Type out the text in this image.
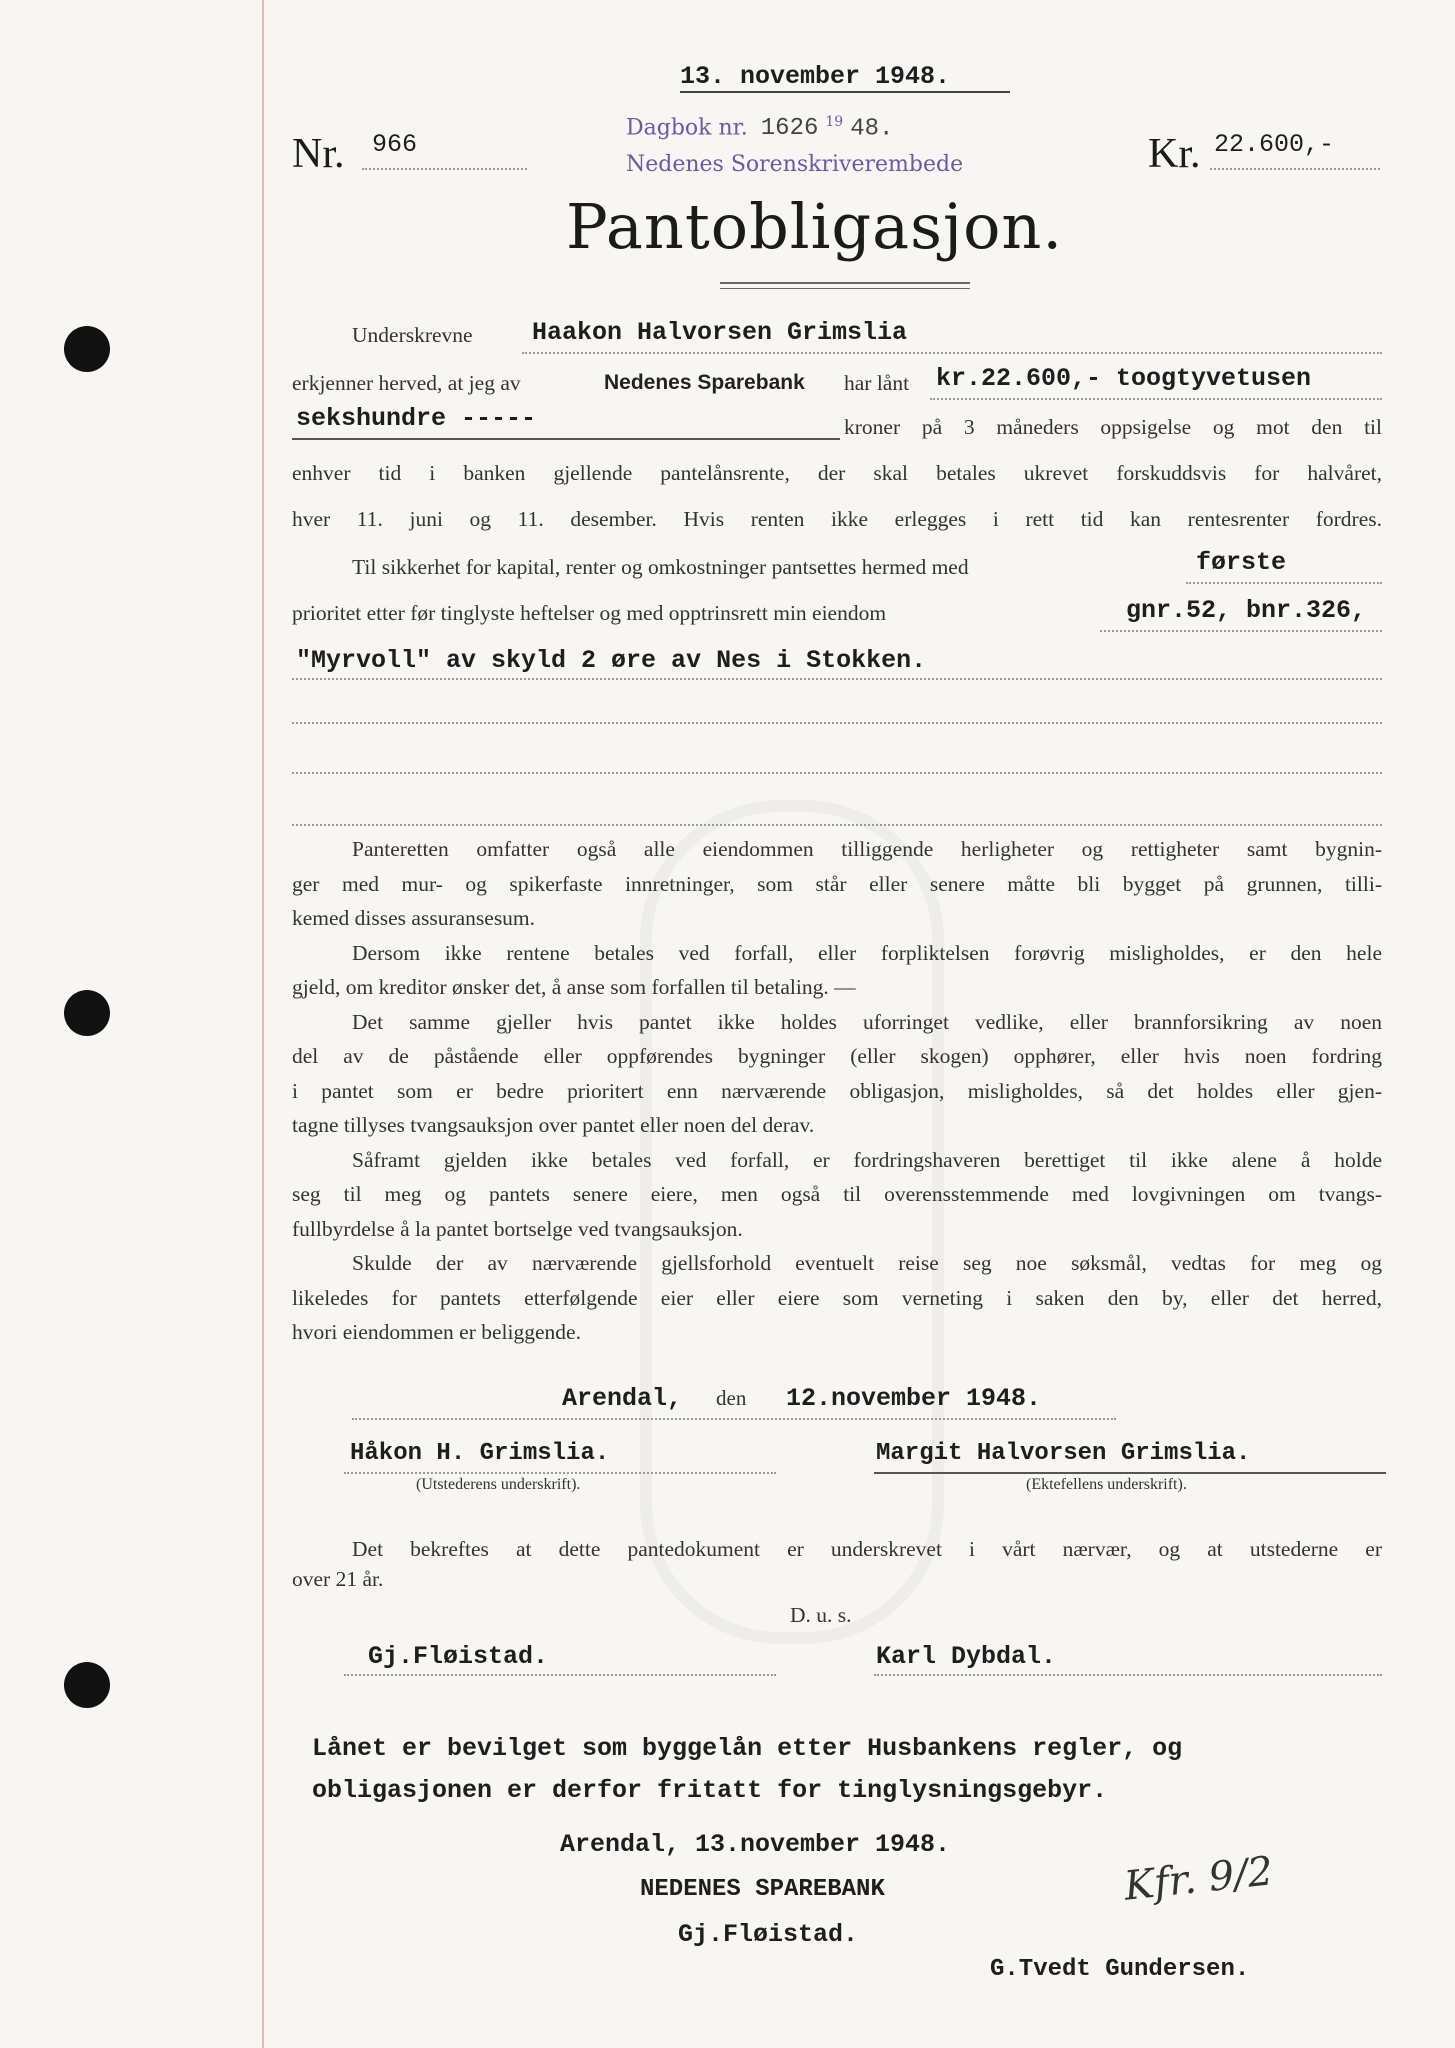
13. november 1948.
Nr. 966
Dagbok nr. 1626 $^{19}$ 48.
Nedenes Sorenskriverembede	Kr. 22.600,-
Pantobligasjon.
Underskrevne Haakon Halvorsen Grimslia
erkjenner herved, at jeg av	Nedenes Sparebank har lånt kr.22.600,- toogtyvetusen
sekshundre -----	kroner på 3 måneders oppsigelse og mot den til
enhver tid i banken gjellende pantelånsrente, der skal betales ukrevet forskuddsvis for halvåret,
hver 11. juni og 11. desember. Hvis renten ikke erlegges i rett tid kan rentesrenter fordres.
Til sikkerhet for kapital, renter og omkostninger pantsettes hermed med	første
prioritet etter før tinglyste heftelser og med opptrinsrett min eiendom	gnr.52, bnr.326,
"Myrvoll" av skyld 2 øre av Nes i Stokken.
Panteretten omfatter også alle eiendommen tilliggende herligheter og rettigheter samt bygnin-
ger med mur- og spikerfaste innretninger, som står eller senere måtte bli bygget på grunnen, tilli-
kemed disses assuransesum.
Dersom ikke rentene betales ved forfall, eller forpliktelsen forøvrig misligholdes, er den hele
gjeld, om kreditor ønsker det, å anse som forfallen til betaling. —
Det samme gjeller hvis pantet ikke holdes uforringet vedlike, eller brannforsikring av noen
del av de påstående eller oppførendes bygninger (eller skogen) opphører, eller hvis noen fordring
i pantet som er bedre prioritert enn nærværende obligasjon, misligholdes, så det holdes eller gjen-
tagne tillyses tvangsauksjon over pantet eller noen del derav.
Såframt gjelden ikke betales ved forfall, er fordringshaveren berettiget til ikke alene å holde
seg til meg og pantets senere eiere, men også til overensstemmende med lovgivningen om tvangs-
fullbyrdelse å la pantet bortselge ved tvangsauksjon.
Skulde der av nærværende gjellsforhold eventuelt reise seg noe søksmål, vedtas for meg og
likeledes for pantets etterfølgende eier eller eiere som verneting i saken den by, eller det herred,
hvori eiendommen er beliggende.
Arendal, den 12.november 1948.
Håkon H. Grimslia.
(Utstederens underskrift).
Margit Halvorsen Grimslia.
(Ektefellens underskrift).
Det bekreftes at dette pantedokument er underskrevet i vårt nærvær, og at utstederne er
over 21 år.
D. u. s.
Gj.Fløistad.	Karl Dybdal.
Lånet er bevilget som byggelån etter Husbankens regler, og
obligasjonen er derfor fritatt for tinglysningsgebyr.
Arendal, 13.november 1948.
NEDENES SPAREBANK
Gj.Fløistad.
Kfr. 9/2
G.Tvedt Gundersen.
